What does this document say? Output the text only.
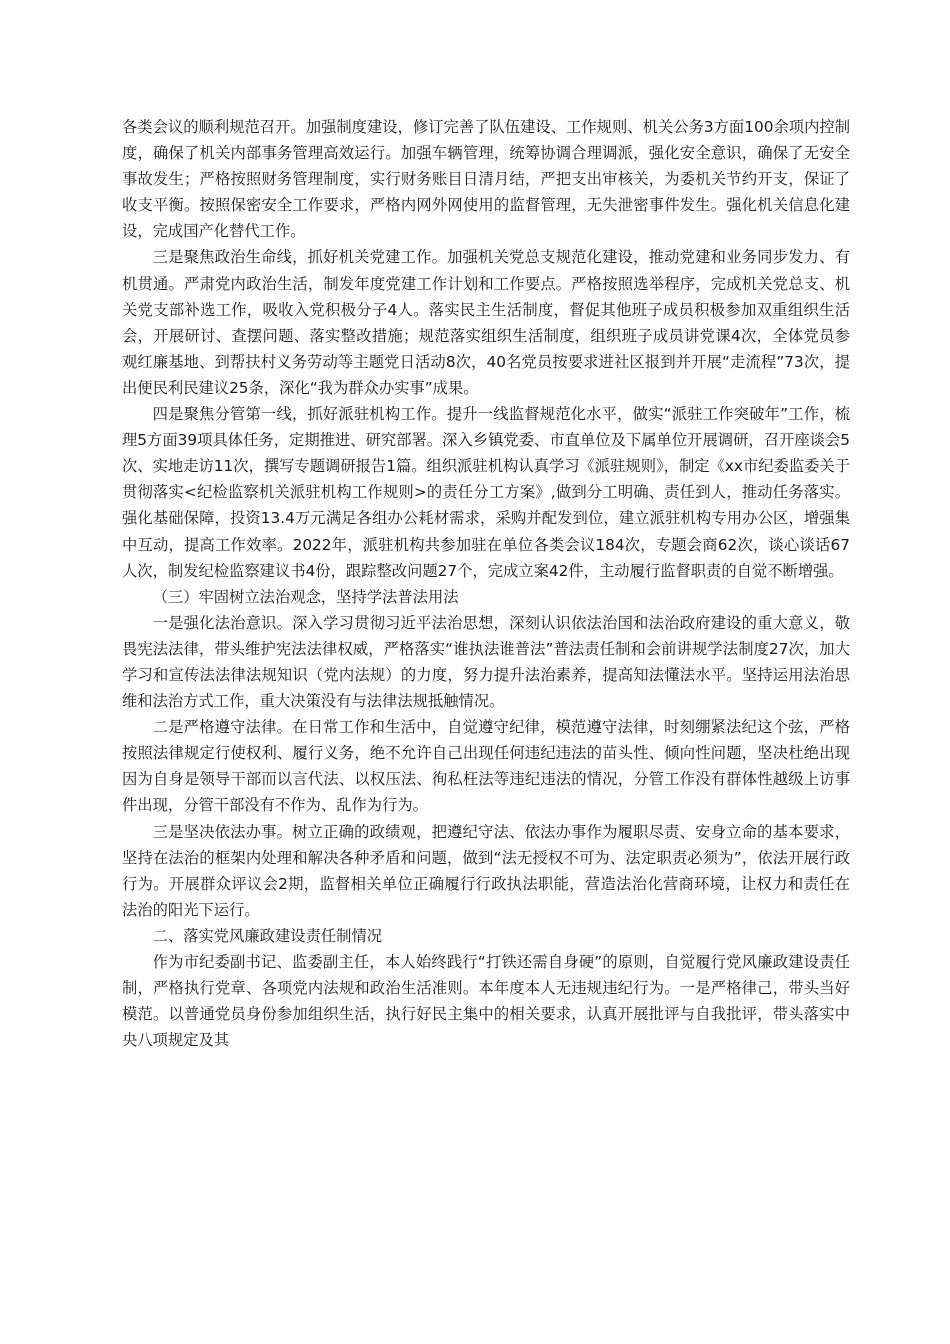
各类会议的顺利规范召开。加强制度建设，修订完善了队伍建设、工作规则、机关公务3方面100余项内控制度，确保了机关内部事务管理高效运行。加强车辆管理，统筹协调合理调派，强化安全意识，确保了无安全事故发生；严格按照财务管理制度，实行财务账目日清月结，严把支出审核关，为委机关节约开支，保证了收支平衡。按照保密安全工作要求，严格内网外网使用的监督管理，无失泄密事件发生。强化机关信息化建设，完成国产化替代工作。

三是聚焦政治生命线，抓好机关党建工作。加强机关党总支规范化建设，推动党建和业务同步发力、有机贯通。严肃党内政治生活，制发年度党建工作计划和工作要点。严格按照选举程序，完成机关党总支、机关党支部补选工作，吸收入党积极分子4人。落实民主生活制度，督促其他班子成员积极参加双重组织生活会，开展研讨、查摆问题、落实整改措施；规范落实组织生活制度，组织班子成员讲党课4次，全体党员参观红廉基地、到帮扶村义务劳动等主题党日活动8次，40名党员按要求进社区报到并开展“走流程”73次，提出便民利民建议25条，深化“我为群众办实事”成果。

四是聚焦分管第一线，抓好派驻机构工作。提升一线监督规范化水平，做实“派驻工作突破年”工作，梳理5方面39项具体任务，定期推进、研究部署。深入乡镇党委、市直单位及下属单位开展调研，召开座谈会5次、实地走访11次，撰写专题调研报告1篇。组织派驻机构认真学习《派驻规则》，制定《xx市纪委监委关于贯彻落实<纪检监察机关派驻机构工作规则>的责任分工方案》,做到分工明确、责任到人，推动任务落实。强化基础保障，投资13.4万元满足各组办公耗材需求，采购并配发到位，建立派驻机构专用办公区，增强集中互动，提高工作效率。2022年，派驻机构共参加驻在单位各类会议184次，专题会商62次，谈心谈话67人次，制发纪检监察建议书4份，跟踪整改问题27个，完成立案42件，主动履行监督职责的自觉不断增强。

（三）牢固树立法治观念，坚持学法普法用法

一是强化法治意识。深入学习贯彻习近平法治思想，深刻认识依法治国和法治政府建设的重大意义，敬畏宪法法律，带头维护宪法法律权威，严格落实“谁执法谁普法”普法责任制和会前讲规学法制度27次，加大学习和宣传法法律法规知识（党内法规）的力度，努力提升法治素养，提高知法懂法水平。坚持运用法治思维和法治方式工作，重大决策没有与法律法规抵触情况。

二是严格遵守法律。在日常工作和生活中，自觉遵守纪律，模范遵守法律，时刻绷紧法纪这个弦，严格按照法律规定行使权利、履行义务，绝不允许自己出现任何违纪违法的苗头性、倾向性问题，坚决杜绝出现因为自身是领导干部而以言代法、以权压法、徇私枉法等违纪违法的情况，分管工作没有群体性越级上访事件出现，分管干部没有不作为、乱作为行为。

三是坚决依法办事。树立正确的政绩观，把遵纪守法、依法办事作为履职尽责、安身立命的基本要求，坚持在法治的框架内处理和解决各种矛盾和问题，做到“法无授权不可为、法定职责必须为”，依法开展行政行为。开展群众评议会2期，监督相关单位正确履行行政执法职能，营造法治化营商环境，让权力和责任在法治的阳光下运行。

二、落实党风廉政建设责任制情况

作为市纪委副书记、监委副主任，本人始终践行“打铁还需自身硬”的原则，自觉履行党风廉政建设责任制，严格执行党章、各项党内法规和政治生活准则。本年度本人无违规违纪行为。一是严格律己，带头当好模范。以普通党员身份参加组织生活，执行好民主集中的相关要求，认真开展批评与自我批评，带头落实中央八项规定及其
